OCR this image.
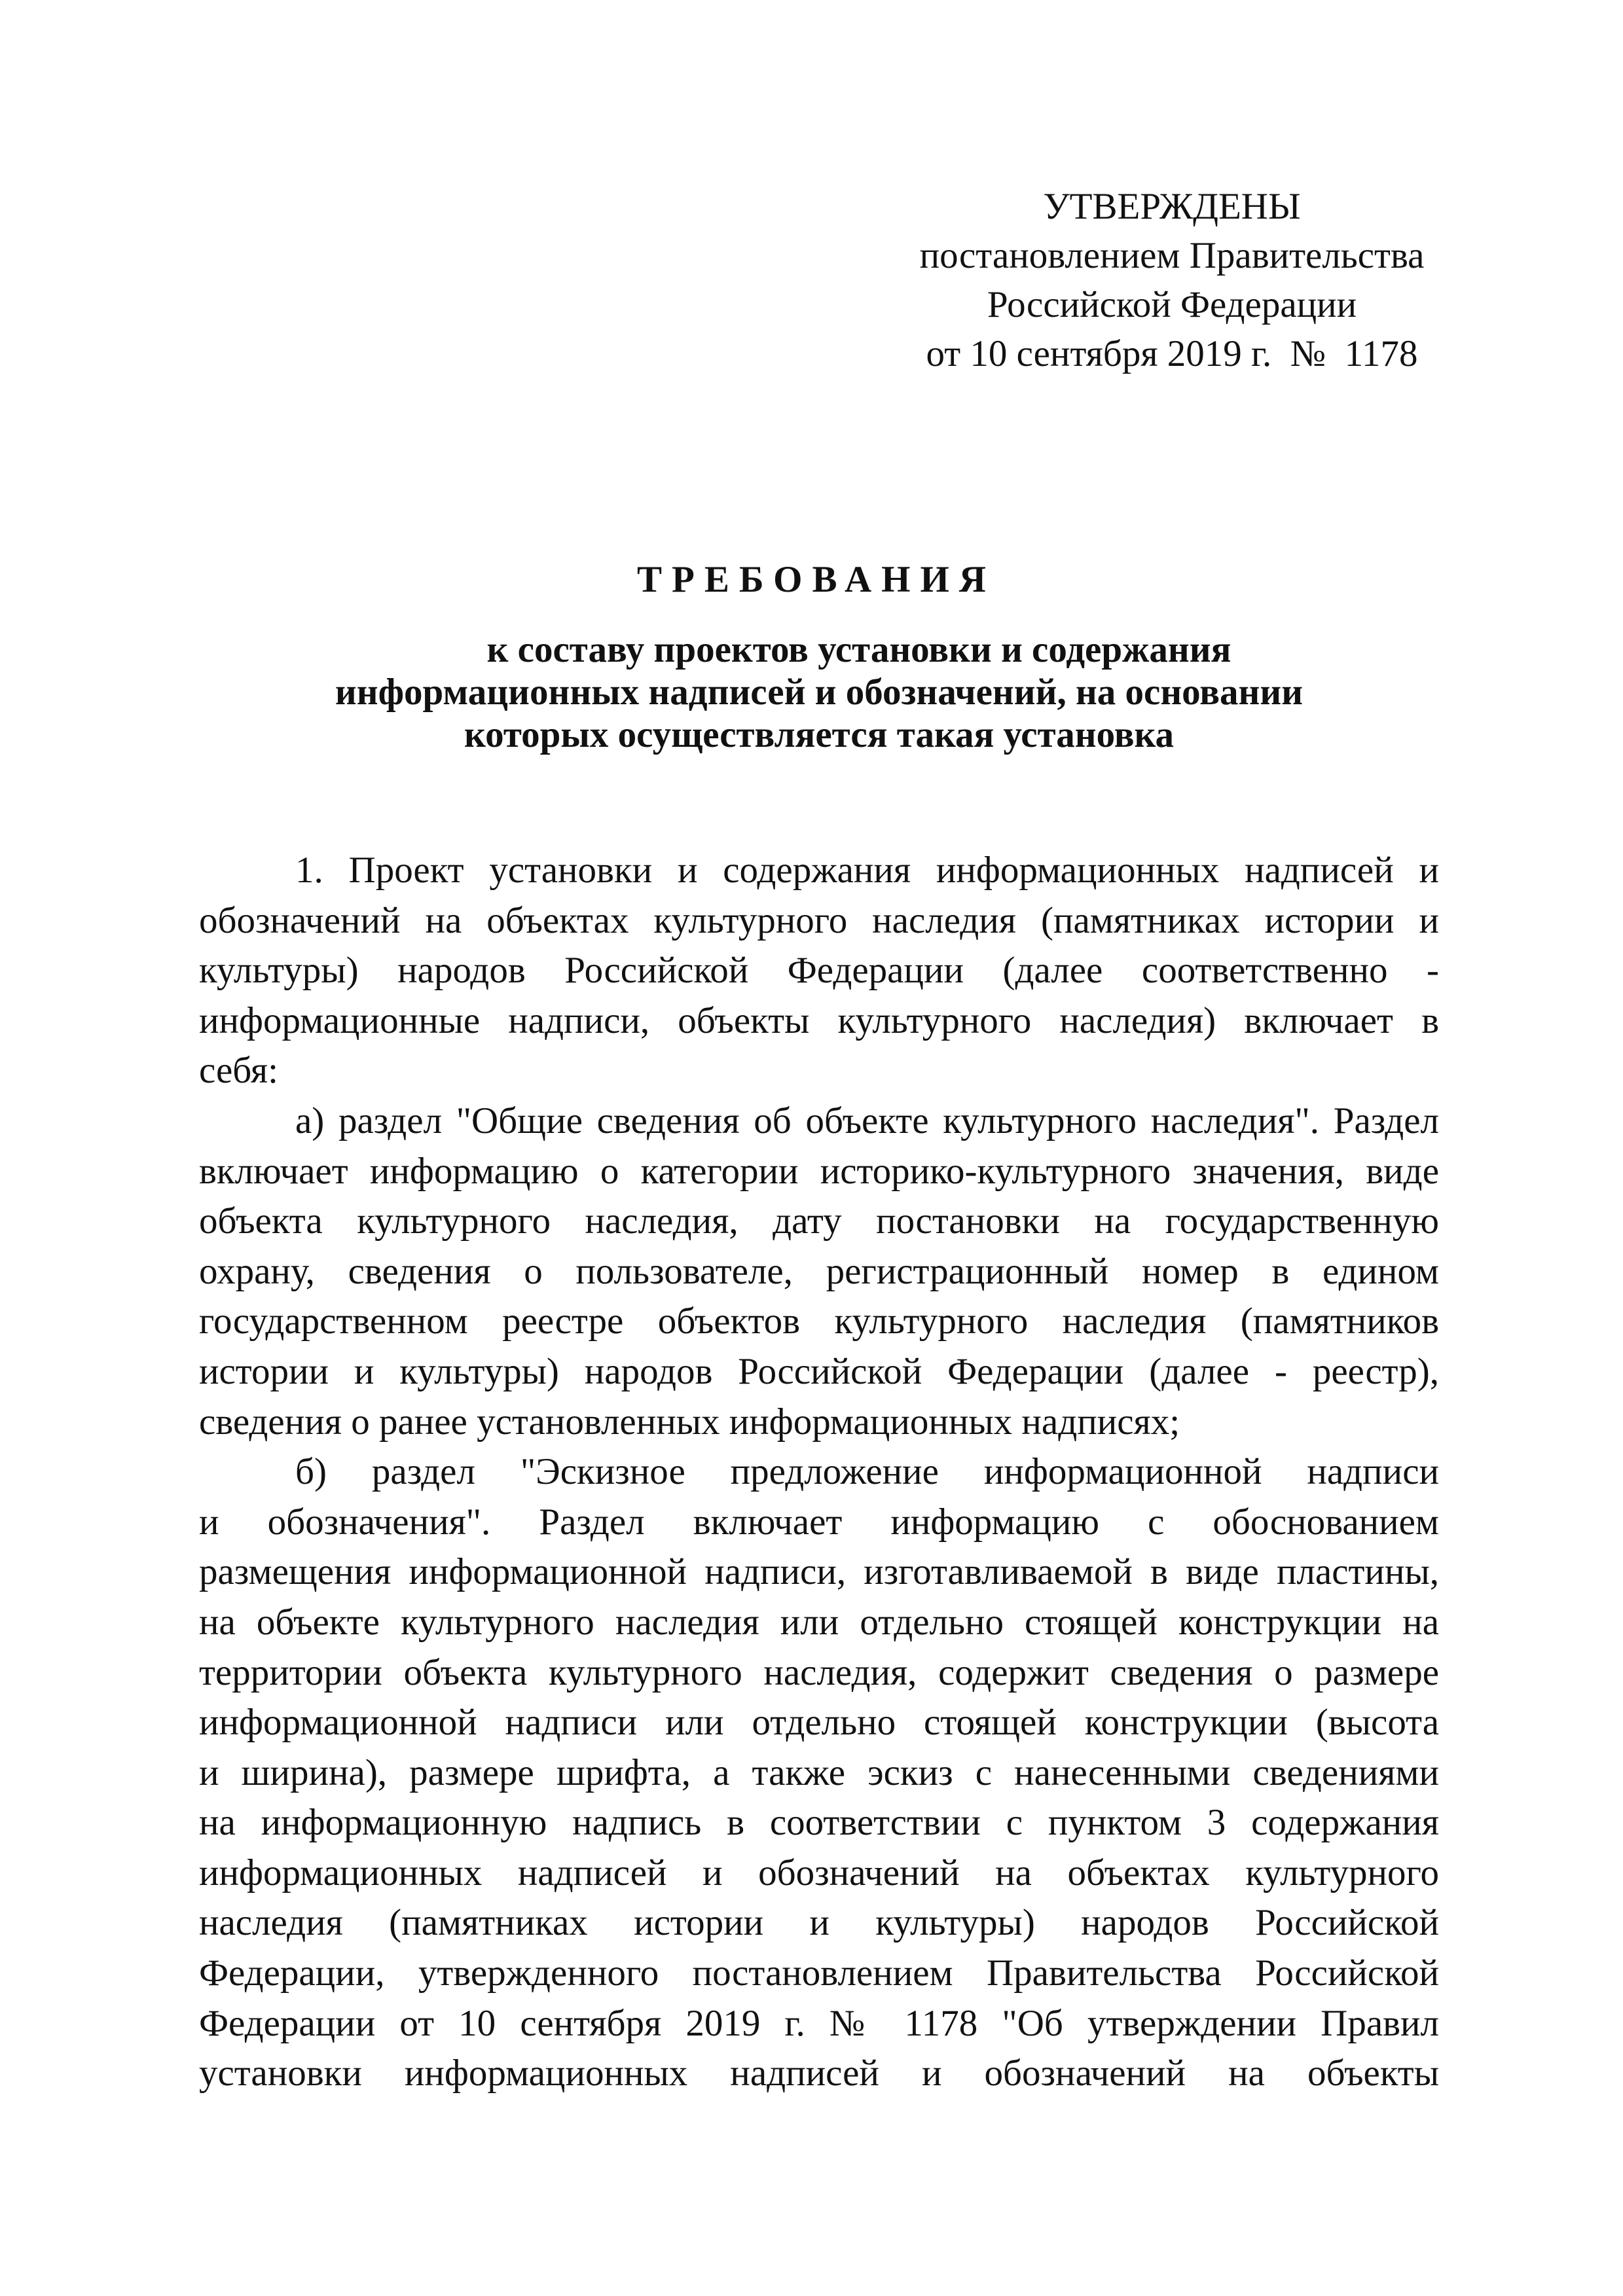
УТВЕРЖДЕНЫ
постановлением Правительства
Российской Федерации
от 10 сентября 2019 г.  №  1178
ТРЕБОВАНИЯ
к составу проектов установки и содержания
информационных надписей и обозначений, на основании
которых осуществляется такая установка
1. Проект установки и содержания информационных надписей и
обозначений на объектах культурного наследия (памятниках истории и
культуры) народов Российской Федерации (далее соответственно -
информационные надписи, объекты культурного наследия) включает в
себя:
а) раздел "Общие сведения об объекте культурного наследия". Раздел
включает информацию о категории историко-культурного значения, виде
объекта культурного наследия, дату постановки на государственную
охрану, сведения о пользователе, регистрационный номер в едином
государственном реестре объектов культурного наследия (памятников
истории и культуры) народов Российской Федерации (далее - реестр),
сведения о ранее установленных информационных надписях;
б) раздел "Эскизное предложение информационной надписи
и обозначения". Раздел включает информацию с обоснованием
размещения информационной надписи, изготавливаемой в виде пластины,
на объекте культурного наследия или отдельно стоящей конструкции на
территории объекта культурного наследия, содержит сведения о размере
информационной надписи или отдельно стоящей конструкции (высота
и ширина), размере шрифта, а также эскиз с нанесенными сведениями
на информационную надпись в соответствии с пунктом 3 содержания
информационных надписей и обозначений на объектах культурного
наследия (памятниках истории и культуры) народов Российской
Федерации, утвержденного постановлением Правительства Российской
Федерации от 10 сентября 2019 г. № 1178 "Об утверждении Правил
установки информационных надписей и обозначений на объекты
